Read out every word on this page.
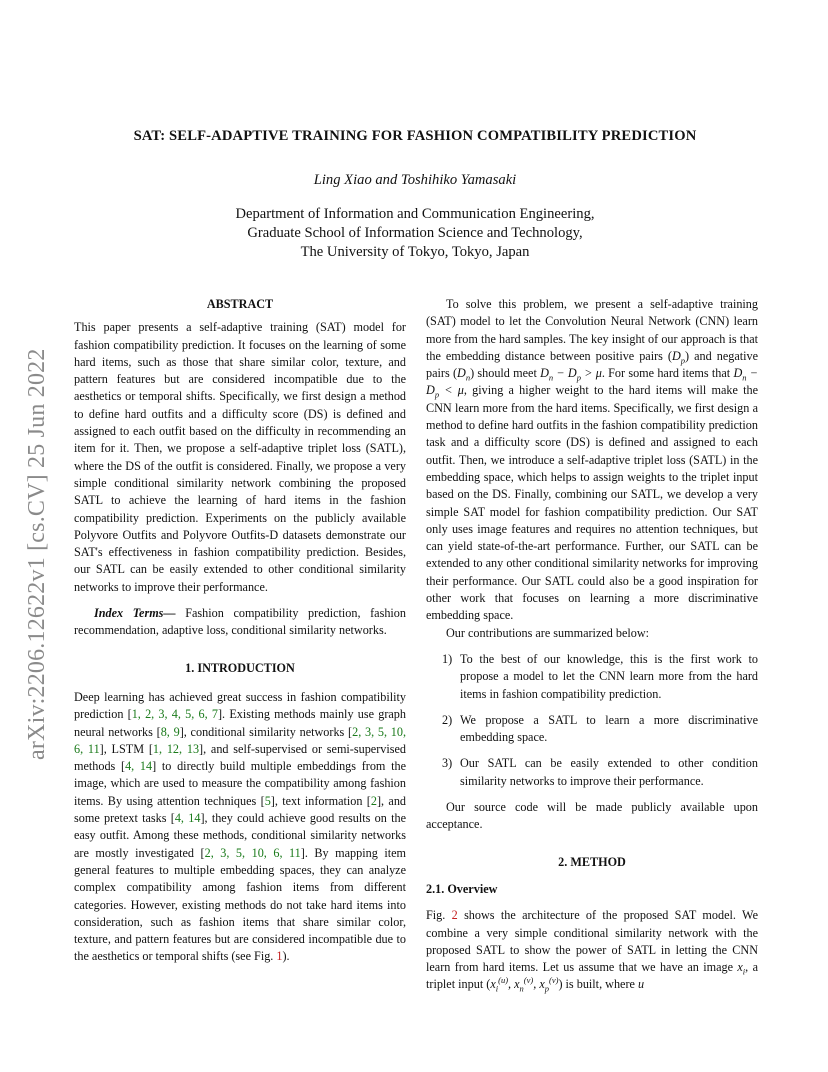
arXiv:2206.12622v1 [cs.CV] 25 Jun 2022
SAT: SELF-ADAPTIVE TRAINING FOR FASHION COMPATIBILITY PREDICTION
Ling Xiao and Toshihiko Yamasaki
Department of Information and Communication Engineering,
Graduate School of Information Science and Technology,
The University of Tokyo, Tokyo, Japan

ABSTRACT

This paper presents a self-adaptive training (SAT) model for fashion compatibility prediction. It focuses on the learning of some hard items, such as those that share similar color, texture, and pattern features but are considered incompatible due to the aesthetics or temporal shifts. Specifically, we first design a method to define hard outfits and a difficulty score (DS) is defined and assigned to each outfit based on the difficulty in recommending an item for it. Then, we propose a self-adaptive triplet loss (SATL), where the DS of the outfit is considered. Finally, we propose a very simple conditional similarity network combining the proposed SATL to achieve the learning of hard items in the fashion compatibility prediction. Experiments on the publicly available Polyvore Outfits and Polyvore Outfits-D datasets demonstrate our SAT's effectiveness in fashion compatibility prediction. Besides, our SATL can be easily extended to other conditional similarity networks to improve their performance.

Index Terms— Fashion compatibility prediction, fashion recommendation, adaptive loss, conditional similarity networks.

1. INTRODUCTION

Deep learning has achieved great success in fashion compatibility prediction [1, 2, 3, 4, 5, 6, 7]. Existing methods mainly use graph neural networks [8, 9], conditional similarity networks [2, 3, 5, 10, 6, 11], LSTM [1, 12, 13], and self-supervised or semi-supervised methods [4, 14] to directly build multiple embeddings from the image, which are used to measure the compatibility among fashion items. By using attention techniques [5], text information [2], and some pretext tasks [4, 14], they could achieve good results on the easy outfit. Among these methods, conditional similarity networks are mostly investigated [2, 3, 5, 10, 6, 11]. By mapping item general features to multiple embedding spaces, they can analyze complex compatibility among fashion items from different categories. However, existing methods do not take hard items into consideration, such as fashion items that share similar color, texture, and pattern features but are considered incompatible due to the aesthetics or temporal shifts (see Fig. 1).

To solve this problem, we present a self-adaptive training (SAT) model to let the Convolution Neural Network (CNN) learn more from the hard samples. The key insight of our approach is that the embedding distance between positive pairs $(D_p)$ and negative pairs $(D_n)$ should meet $D_n - D_p > \mu$. For some hard items that $D_n - D_p < \mu$, giving a higher weight to the hard items will make the CNN learn more from the hard items. Specifically, we first design a method to define hard outfits in the fashion compatibility prediction task and a difficulty score (DS) is defined and assigned to each outfit. Then, we introduce a self-adaptive triplet loss (SATL) in the embedding space, which helps to assign weights to the triplet input based on the DS. Finally, combining our SATL, we develop a very simple SAT model for fashion compatibility prediction. Our SAT only uses image features and requires no attention techniques, but can yield state-of-the-art performance. Further, our SATL can be extended to any other conditional similarity networks for improving their performance. Our SATL could also be a good inspiration for other work that focuses on learning a more discriminative embedding space.

Our contributions are summarized below:

1) To the best of our knowledge, this is the first work to propose a model to let the CNN learn more from the hard items in fashion compatibility prediction.
2) We propose a SATL to learn a more discriminative embedding space.
3) Our SATL can be easily extended to other condition similarity networks to improve their performance.

Our source code will be made publicly available upon acceptance.

2. METHOD

2.1. Overview

Fig. 2 shows the architecture of the proposed SAT model. We combine a very simple conditional similarity network with the proposed SATL to show the power of SATL in letting the CNN learn from hard items. Let us assume that we have an image $x_i$, a triplet input ($x_i^{(u)}$, $x_n^{(v)}$, $x_p^{(v)}$) is built, where u
